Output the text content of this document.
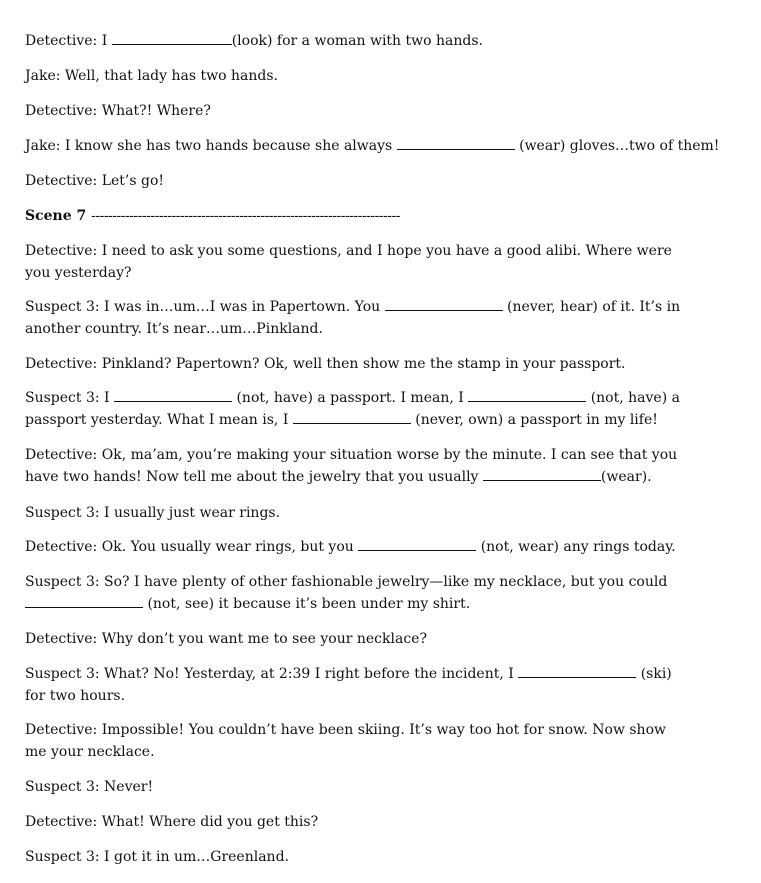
Detective: I	(look) for a woman with two hands.
Jake: Well, that lady has two hands.
Detective: What?! Where?
Jake: I know she has two hands because she always	(wear) gloves…two of them!
Detective: Let’s go!
Scene 7 -------------------------------------------------------------------------
Detective: I need to ask you some questions, and I hope you have a good alibi. Where were you yesterday?
Suspect 3: I was in…um…I was in Papertown. You	(never, hear) of it. It’s in another country. It’s near…um…Pinkland.
Detective: Pinkland? Papertown? Ok, well then show me the stamp in your passport.
Suspect 3: I	(not, have) a passport. I mean, I	(not, have) a passport yesterday. What I mean is, I	(never, own) a passport in my life!
Detective: Ok, ma’am, you’re making your situation worse by the minute. I can see that you have two hands! Now tell me about the jewelry that you usually	(wear).
Suspect 3: I usually just wear rings.
Detective: Ok. You usually wear rings, but you	(not, wear) any rings today.
Suspect 3: So? I have plenty of other fashionable jewelry—like my necklace, but you could
(not, see) it because it’s been under my shirt.
Detective: Why don’t you want me to see your necklace?
Suspect 3: What? No! Yesterday, at 2:39 I right before the incident, I	(ski) for two hours.
Detective: Impossible! You couldn’t have been skiing. It’s way too hot for snow. Now show me your necklace.
Suspect 3: Never!
Detective: What! Where did you get this?
Suspect 3: I got it in um…Greenland.
